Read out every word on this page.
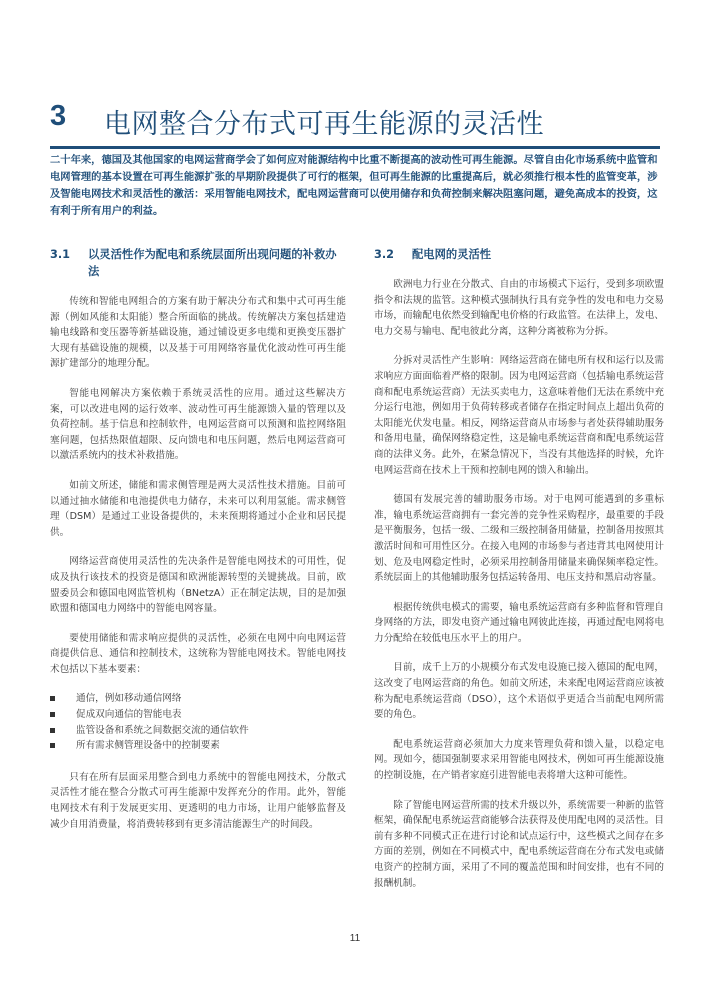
3 电网整合分布式可再生能源的灵活性

二十年来，德国及其他国家的电网运营商学会了如何应对能源结构中比重不断提高的波动性可再生能源。尽管自由化市场系统中监管和电网管理的基本设置在可再生能源扩张的早期阶段提供了可行的框架，但可再生能源的比重提高后，就必须推行根本性的监管变革，涉及智能电网技术和灵活性的激活：采用智能电网技术，配电网运营商可以使用储存和负荷控制来解决阻塞问题，避免高成本的投资，这有利于所有用户的利益。

3.1	以灵活性作为配电和系统层面所出现问题的补救办法

传统和智能电网组合的方案有助于解决分布式和集中式可再生能源（例如风能和太阳能）整合所面临的挑战。传统解决方案包括建造输电线路和变压器等新基础设施，通过铺设更多电缆和更换变压器扩大现有基础设施的规模，以及基于可用网络容量优化波动性可再生能源扩建部分的地理分配。

智能电网解决方案依赖于系统灵活性的应用。通过这些解决方案，可以改进电网的运行效率、波动性可再生能源馈入量的管理以及负荷控制。基于信息和控制软件，电网运营商可以预测和监控网络阻塞问题，包括热限值超限、反向馈电和电压问题，然后电网运营商可以激活系统内的技术补救措施。

如前文所述，储能和需求侧管理是两大灵活性技术措施。目前可以通过抽水储能和电池提供电力储存，未来可以利用氢能。需求侧管理（DSM）是通过工业设备提供的，未来预期将通过小企业和居民提供。

网络运营商使用灵活性的先决条件是智能电网技术的可用性，促成及执行该技术的投资是德国和欧洲能源转型的关键挑战。目前，欧盟委员会和德国电网监管机构（BNetzA）正在制定法规，目的是加强欧盟和德国电力网络中的智能电网容量。

要使用储能和需求响应提供的灵活性，必须在电网中向电网运营商提供信息、通信和控制技术，这统称为智能电网技术。智能电网技术包括以下基本要素：

通信，例如移动通信网络
促成双向通信的智能电表
监管设备和系统之间数据交流的通信软件
所有需求侧管理设备中的控制要素

只有在所有层面采用整合到电力系统中的智能电网技术，分散式灵活性才能在整合分散式可再生能源中发挥充分的作用。此外，智能电网技术有利于发展更实用、更透明的电力市场，让用户能够监督及减少自用消费量，将消费转移到有更多清洁能源生产的时间段。

3.2	配电网的灵活性

欧洲电力行业在分散式、自由的市场模式下运行，受到多项欧盟指令和法规的监管。这种模式强制执行具有竞争性的发电和电力交易市场，而输配电依然受到输配电价格的行政监管。在法律上，发电、电力交易与输电、配电彼此分离，这种分离被称为分拆。

分拆对灵活性产生影响：网络运营商在储电所有权和运行以及需求响应方面面临着严格的限制。因为电网运营商（包括输电系统运营商和配电系统运营商）无法买卖电力，这意味着他们无法在系统中充分运行电池，例如用于负荷转移或者储存在指定时间点上超出负荷的太阳能光伏发电量。相反，网络运营商从市场参与者处获得辅助服务和备用电量，确保网络稳定性，这是输电系统运营商和配电系统运营商的法律义务。此外，在紧急情况下，当没有其他选择的时候，允许电网运营商在技术上干预和控制电网的馈入和输出。

德国有发展完善的辅助服务市场。对于电网可能遇到的多重标准，输电系统运营商拥有一套完善的竞争性采购程序，最重要的手段是平衡服务，包括一级、二级和三级控制备用储量，控制备用按照其激活时间和可用性区分。在接入电网的市场参与者违背其电网使用计划、危及电网稳定性时，必须采用控制备用储量来确保频率稳定性。系统层面上的其他辅助服务包括运转备用、电压支持和黑启动容量。

根据传统供电模式的需要，输电系统运营商有多种监督和管理自身网络的方法，即发电资产通过输电网彼此连接，再通过配电网将电力分配给在较低电压水平上的用户。

目前，成千上万的小规模分布式发电设施已接入德国的配电网，这改变了电网运营商的角色。如前文所述，未来配电网运营商应该被称为配电系统运营商（DSO），这个术语似乎更适合当前配电网所需要的角色。

配电系统运营商必须加大力度来管理负荷和馈入量，以稳定电网。现如今，德国强制要求采用智能电网技术，例如可再生能源设施的控制设施，在产销者家庭引进智能电表将增大这种可能性。

除了智能电网运营所需的技术升级以外，系统需要一种新的监管框架，确保配电系统运营商能够合法获得及使用配电网的灵活性。目前有多种不同模式正在进行讨论和试点运行中，这些模式之间存在多方面的差别，例如在不同模式中，配电系统运营商在分布式发电或储电资产的控制方面，采用了不同的覆盖范围和时间安排，也有不同的报酬机制。

11
